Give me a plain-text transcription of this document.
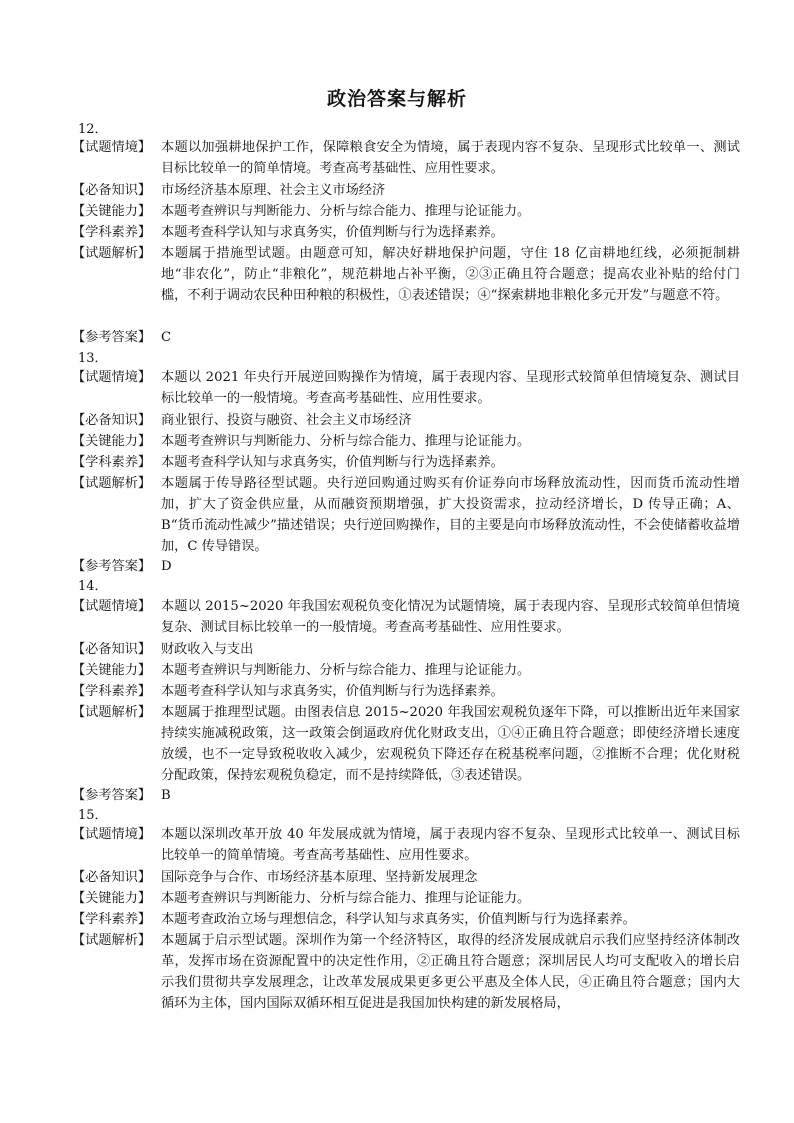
政治答案与解析
12．
【试题情境】 本题以加强耕地保护工作，保障粮食安全为情境，属于表现内容不复杂、呈现形式比较单一、测试目标比较单一的简单情境。考查高考基础性、应用性要求。
【必备知识】 市场经济基本原理、社会主义市场经济
【关键能力】 本题考查辨识与判断能力、分析与综合能力、推理与论证能力。
【学科素养】 本题考查科学认知与求真务实，价值判断与行为选择素养。
【试题解析】 本题属于措施型试题。由题意可知，解决好耕地保护问题，守住 18 亿亩耕地红线，必须扼制耕地“非农化”，防止“非粮化”，规范耕地占补平衡，②③正确且符合题意；提高农业补贴的给付门槛，不利于调动农民种田种粮的积极性，①表述错误；④“探索耕地非粮化多元开发”与题意不符。
【参考答案】 C
13．
【试题情境】 本题以 2021 年央行开展逆回购操作为情境，属于表现内容、呈现形式较简单但情境复杂、测试目标比较单一的一般情境。考查高考基础性、应用性要求。
【必备知识】 商业银行、投资与融资、社会主义市场经济
【关键能力】 本题考查辨识与判断能力、分析与综合能力、推理与论证能力。
【学科素养】 本题考查科学认知与求真务实，价值判断与行为选择素养。
【试题解析】 本题属于传导路径型试题。央行逆回购通过购买有价证券向市场释放流动性，因而货币流动性增加，扩大了资金供应量，从而融资预期增强，扩大投资需求，拉动经济增长，D 传导正确；A、B“货币流动性减少”描述错误；央行逆回购操作，目的主要是向市场释放流动性，不会使储蓄收益增加，C 传导错误。
【参考答案】 D
14．
【试题情境】 本题以 2015~2020 年我国宏观税负变化情况为试题情境，属于表现内容、呈现形式较简单但情境复杂、测试目标比较单一的一般情境。考查高考基础性、应用性要求。
【必备知识】 财政收入与支出
【关键能力】 本题考查辨识与判断能力、分析与综合能力、推理与论证能力。
【学科素养】 本题考查科学认知与求真务实，价值判断与行为选择素养。
【试题解析】 本题属于推理型试题。由图表信息 2015~2020 年我国宏观税负逐年下降，可以推断出近年来国家持续实施减税政策，这一政策会倒逼政府优化财政支出，①④正确且符合题意；即使经济增长速度放缓，也不一定导致税收收入减少，宏观税负下降还存在税基税率问题，②推断不合理；优化财税分配政策，保持宏观税负稳定，而不是持续降低，③表述错误。
【参考答案】 B
15．
【试题情境】 本题以深圳改革开放 40 年发展成就为情境，属于表现内容不复杂、呈现形式比较单一、测试目标比较单一的简单情境。考查高考基础性、应用性要求。
【必备知识】 国际竞争与合作、市场经济基本原理、坚持新发展理念
【关键能力】 本题考查辨识与判断能力、分析与综合能力、推理与论证能力。
【学科素养】 本题考查政治立场与理想信念，科学认知与求真务实，价值判断与行为选择素养。
【试题解析】 本题属于启示型试题。深圳作为第一个经济特区，取得的经济发展成就启示我们应坚持经济体制改革，发挥市场在资源配置中的决定性作用，②正确且符合题意；深圳居民人均可支配收入的增长启示我们贯彻共享发展理念，让改革发展成果更多更公平惠及全体人民，④正确且符合题意；国内大循环为主体，国内国际双循环相互促进是我国加快构建的新发展格局，
